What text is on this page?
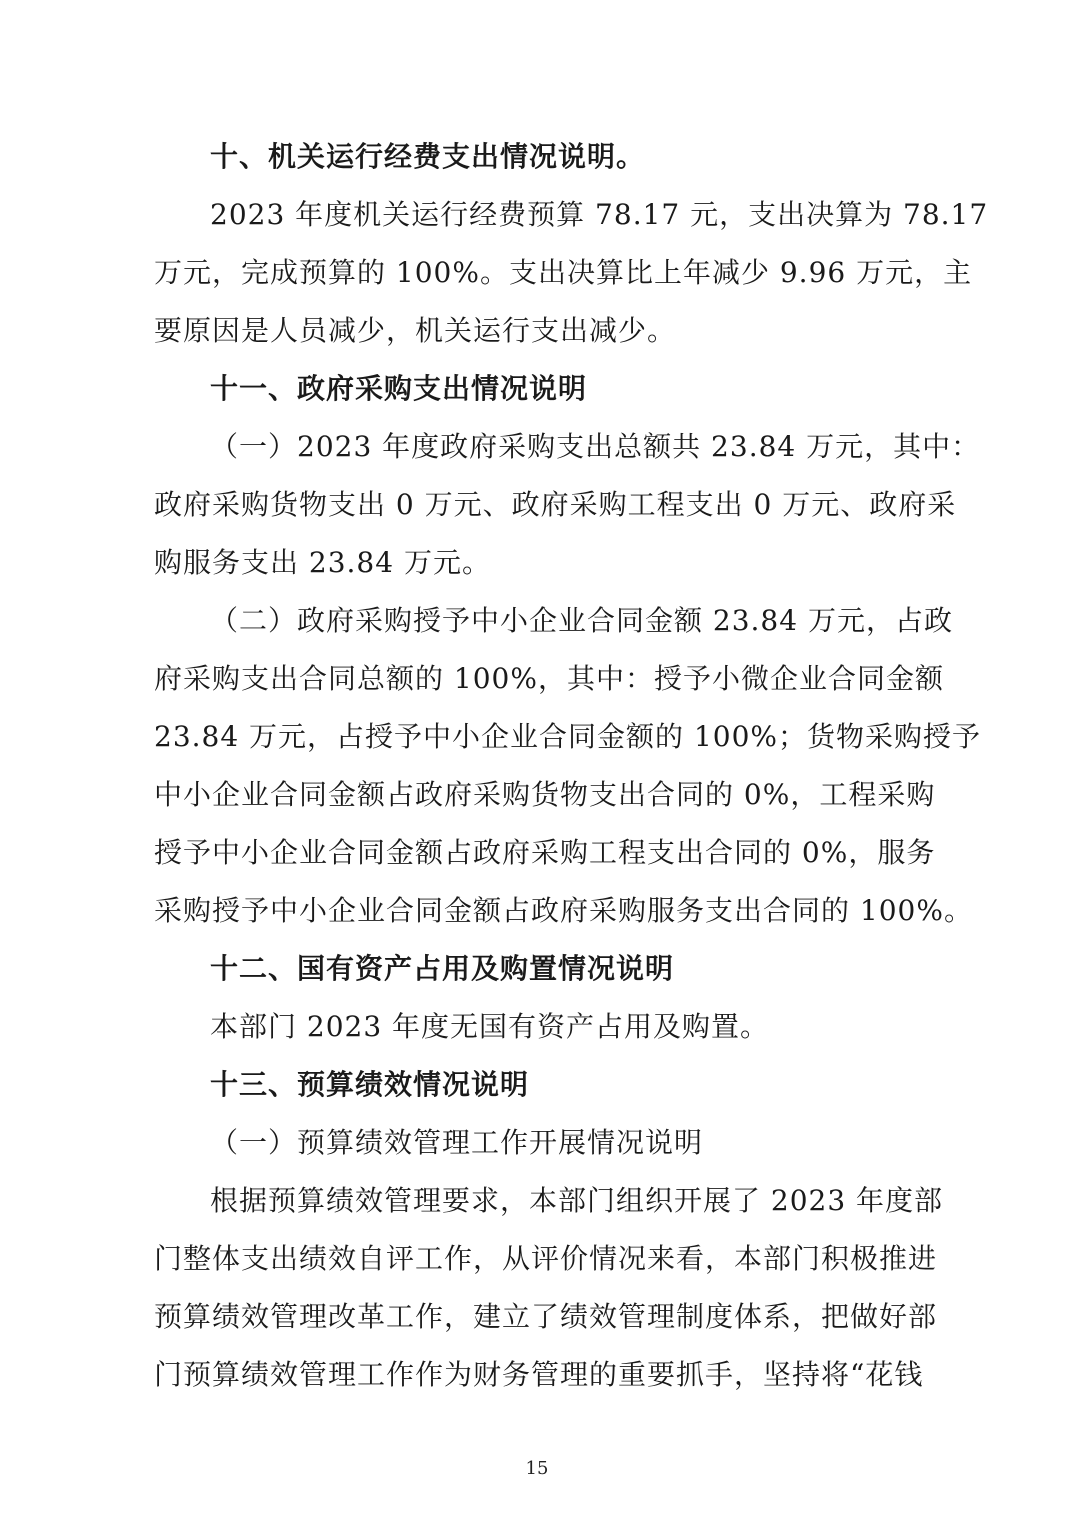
十、机关运行经费支出情况说明。
2023 年度机关运行经费预算 78.17 元，支出决算为 78.17
万元，完成预算的 100%。支出决算比上年减少 9.96 万元，主
要原因是人员减少，机关运行支出减少。
十一、政府采购支出情况说明
（一）2023 年度政府采购支出总额共 23.84 万元，其中：
政府采购货物支出 0 万元、政府采购工程支出 0 万元、政府采
购服务支出 23.84 万元。
（二）政府采购授予中小企业合同金额 23.84 万元，占政
府采购支出合同总额的 100%，其中：授予小微企业合同金额
23.84 万元，占授予中小企业合同金额的 100%；货物采购授予
中小企业合同金额占政府采购货物支出合同的 0%，工程采购
授予中小企业合同金额占政府采购工程支出合同的 0%，服务
采购授予中小企业合同金额占政府采购服务支出合同的 100%。
十二、国有资产占用及购置情况说明
本部门 2023 年度无国有资产占用及购置。
十三、预算绩效情况说明
（一）预算绩效管理工作开展情况说明
根据预算绩效管理要求，本部门组织开展了 2023 年度部
门整体支出绩效自评工作，从评价情况来看，本部门积极推进
预算绩效管理改革工作，建立了绩效管理制度体系，把做好部
门预算绩效管理工作作为财务管理的重要抓手，坚持将“花钱
15
